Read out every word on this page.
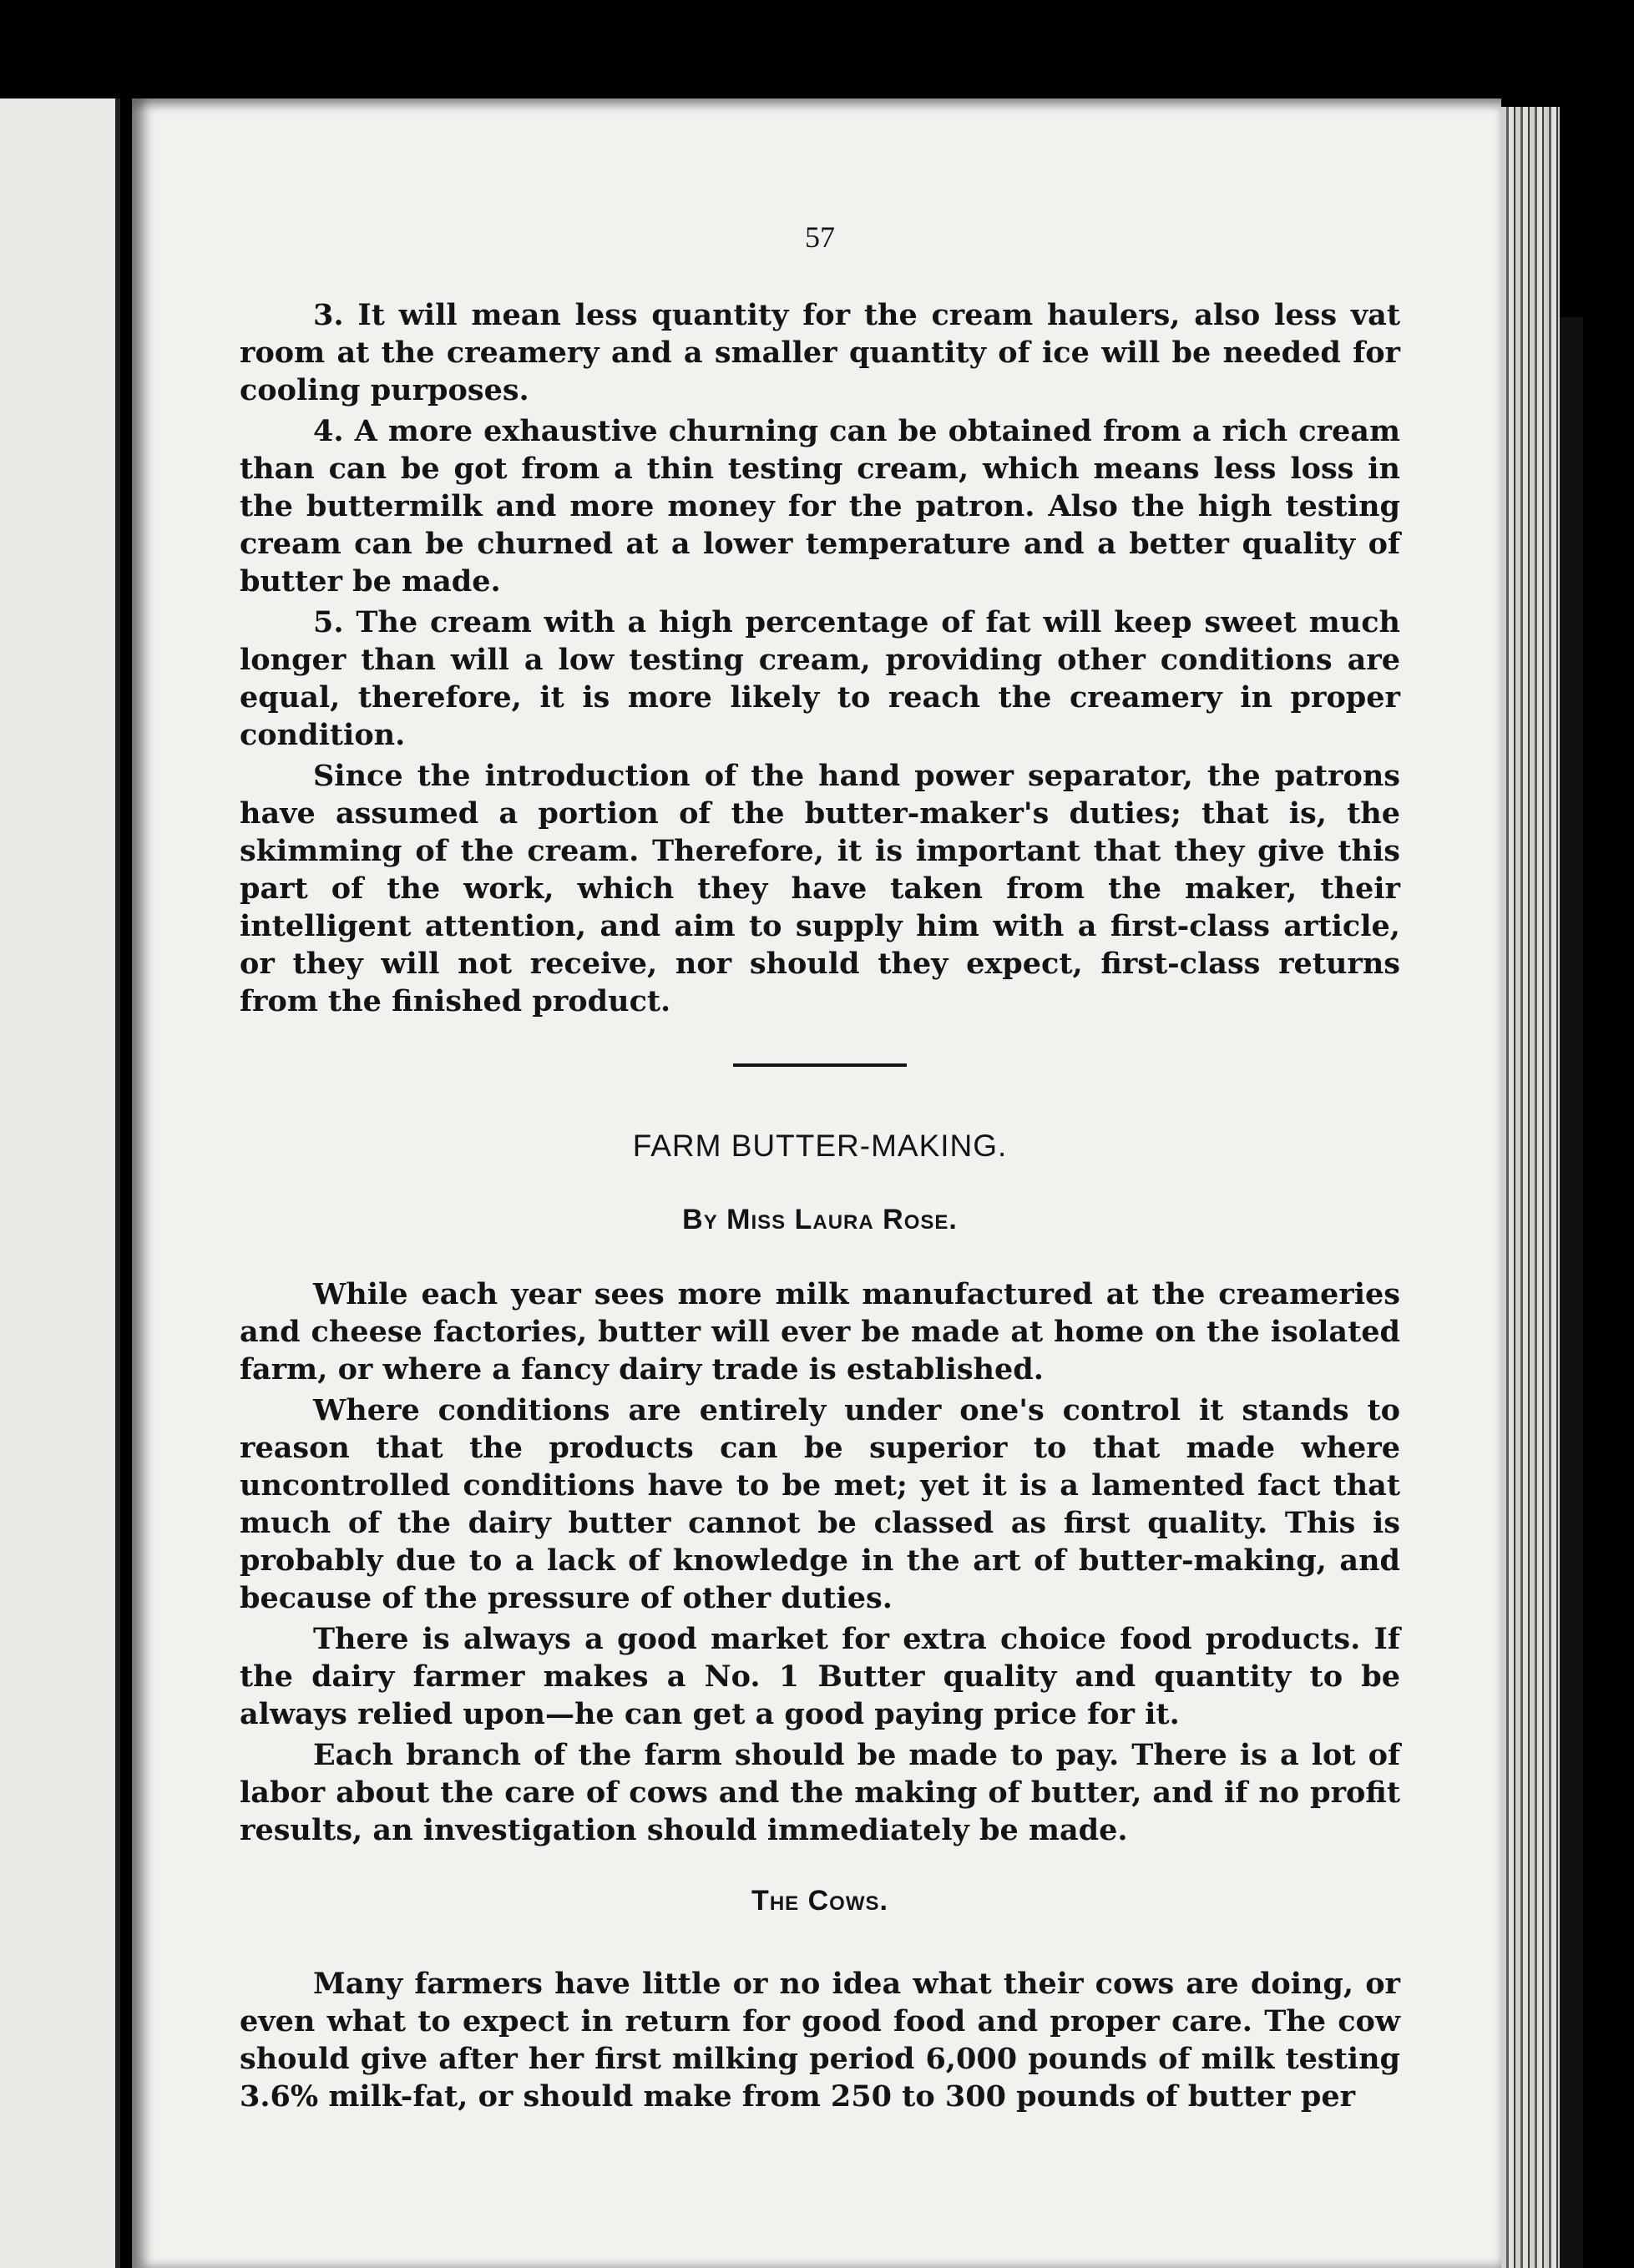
57

3. It will mean less quantity for the cream haulers, also less vat room at the creamery and a smaller quantity of ice will be needed for cooling purposes.

4. A more exhaustive churning can be obtained from a rich cream than can be got from a thin testing cream, which means less loss in the buttermilk and more money for the patron. Also the high testing cream can be churned at a lower temperature and a better quality of butter be made.

5. The cream with a high percentage of fat will keep sweet much longer than will a low testing cream, providing other conditions are equal, therefore, it is more likely to reach the creamery in proper condition.

Since the introduction of the hand power separator, the patrons have assumed a portion of the butter-maker's duties; that is, the skimming of the cream. Therefore, it is important that they give this part of the work, which they have taken from the maker, their intelligent attention, and aim to supply him with a first-class article, or they will not receive, nor should they expect, first-class returns from the finished product.

FARM BUTTER-MAKING.
By Miss Laura Rose.

While each year sees more milk manufactured at the creameries and cheese factories, butter will ever be made at home on the isolated farm, or where a fancy dairy trade is established.

Where conditions are entirely under one's control it stands to reason that the products can be superior to that made where uncontrolled conditions have to be met; yet it is a lamented fact that much of the dairy butter cannot be classed as first quality. This is probably due to a lack of knowledge in the art of butter-making, and because of the pressure of other duties.

There is always a good market for extra choice food products. If the dairy farmer makes a No. 1 Butter quality and quantity to be always relied upon—he can get a good paying price for it.

Each branch of the farm should be made to pay. There is a lot of labor about the care of cows and the making of butter, and if no profit results, an investigation should immediately be made.

The Cows.

Many farmers have little or no idea what their cows are doing, or even what to expect in return for good food and proper care. The cow should give after her first milking period 6,000 pounds of milk testing 3.6% milk-fat, or should make from 250 to 300 pounds of butter per
